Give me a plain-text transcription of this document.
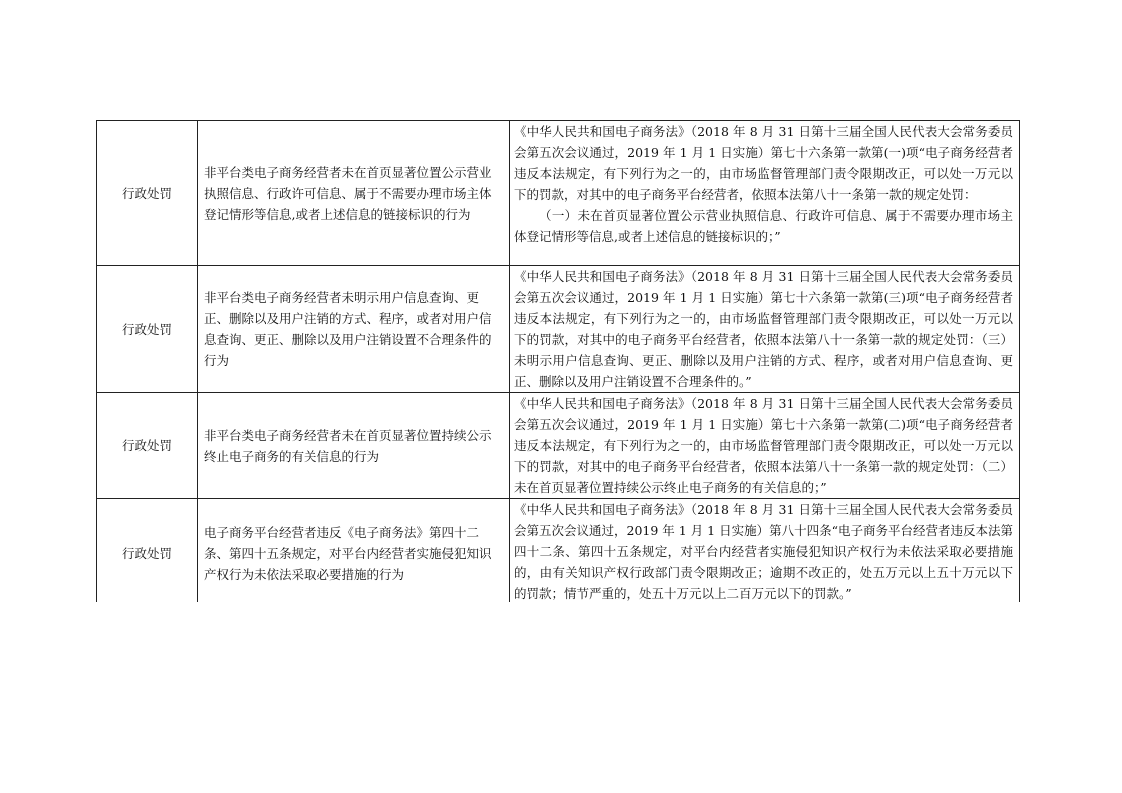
行政处罚	非平台类电子商务经营者未在首页显著位置公示营业执照信息、行政许可信息、属于不需要办理市场主体登记情形等信息,或者上述信息的链接标识的行为	《中华人民共和国电子商务法》（2018 年 8 月 31 日第十三届全国人民代表大会常务委员会第五次会议通过，2019 年 1 月 1 日实施）第七十六条第一款第(一)项“电子商务经营者违反本法规定，有下列行为之一的，由市场监督管理部门责令限期改正，可以处一万元以下的罚款，对其中的电子商务平台经营者，依照本法第八十一条第一款的规定处罚：
（一）未在首页显著位置公示营业执照信息、行政许可信息、属于不需要办理市场主体登记情形等信息,或者上述信息的链接标识的；”

行政处罚	非平台类电子商务经营者未明示用户信息查询、更正、删除以及用户注销的方式、程序，或者对用户信息查询、更正、删除以及用户注销设置不合理条件的行为	《中华人民共和国电子商务法》（2018 年 8 月 31 日第十三届全国人民代表大会常务委员会第五次会议通过，2019 年 1 月 1 日实施）第七十六条第一款第(三)项“电子商务经营者违反本法规定，有下列行为之一的，由市场监督管理部门责令限期改正，可以处一万元以下的罚款，对其中的电子商务平台经营者，依照本法第八十一条第一款的规定处罚：（三）未明示用户信息查询、更正、删除以及用户注销的方式、程序，或者对用户信息查询、更正、删除以及用户注销设置不合理条件的。”

行政处罚	非平台类电子商务经营者未在首页显著位置持续公示终止电子商务的有关信息的行为	《中华人民共和国电子商务法》（2018 年 8 月 31 日第十三届全国人民代表大会常务委员会第五次会议通过，2019 年 1 月 1 日实施）第七十六条第一款第(二)项“电子商务经营者违反本法规定，有下列行为之一的，由市场监督管理部门责令限期改正，可以处一万元以下的罚款，对其中的电子商务平台经营者，依照本法第八十一条第一款的规定处罚：（二）未在首页显著位置持续公示终止电子商务的有关信息的；”

行政处罚	电子商务平台经营者违反《电子商务法》第四十二条、第四十五条规定，对平台内经营者实施侵犯知识产权行为未依法采取必要措施的行为	《中华人民共和国电子商务法》（2018 年 8 月 31 日第十三届全国人民代表大会常务委员会第五次会议通过，2019 年 1 月 1 日实施）第八十四条“电子商务平台经营者违反本法第四十二条、第四十五条规定，对平台内经营者实施侵犯知识产权行为未依法采取必要措施的，由有关知识产权行政部门责令限期改正；逾期不改正的，处五万元以上五十万元以下的罚款；情节严重的，处五十万元以上二百万元以下的罚款。”
